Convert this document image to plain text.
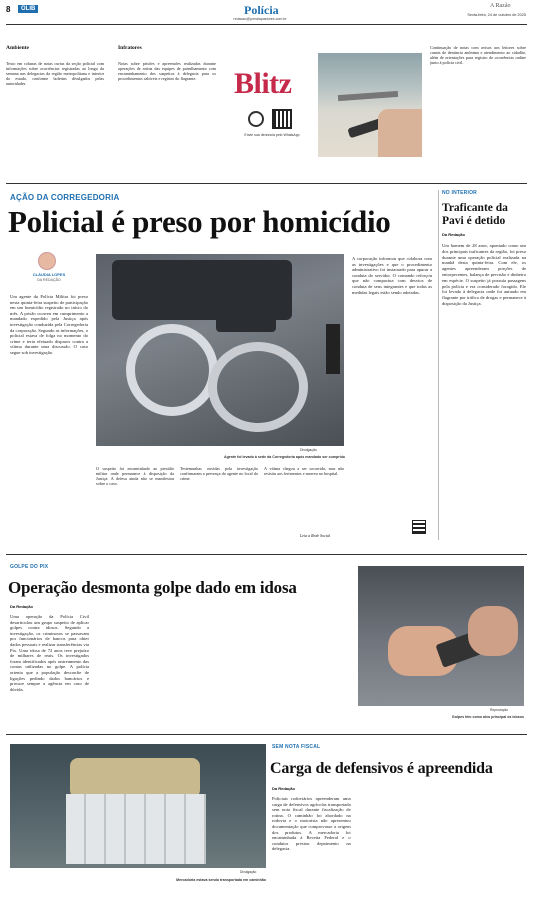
8	OLIB	Polícia
redacao@jornalapastores.com.br
A Razão
Sexta-feira, 24 de outubro de 2025
Ambiente
Texto em colunas de notas curtas da seção policial com informações sobre ocorrências registradas ao longo da semana nas delegacias da região metropolitana e interior do estado, conforme boletins divulgados pelas autoridades.
Infratores
Notas sobre prisões e apreensões realizadas durante operações de rotina das equipes de patrulhamento com encaminhamento dos suspeitos à delegacia para os procedimentos cabíveis e registro do flagrante.	Blitz
Envie sua denúncia pelo WhatsApp
Continuação de notas com avisos aos leitores sobre canais de denúncia anônima e atendimento ao cidadão, além de orientações para registro de ocorrências online junto à polícia civil.
AÇÃO DA CORREGEDORIA
Policial é preso por homicídio
CLÁUDIA LOPES
DA REDAÇÃO
Um agente da Polícia Militar foi preso nesta quinta-feira suspeito de participação em um homicídio registrado no início do mês. A prisão ocorreu em cumprimento a mandado expedido pela Justiça após investigação conduzida pela Corregedoria da corporação. Segundo as informações, o policial estava de folga no momento do crime e teria efetuado disparos contra a vítima durante uma discussão. O caso segue sob investigação.
Divulgação
Agente foi levado à sede da Corregedoria após mandado ser cumprido
O suspeito foi encaminhado ao presídio militar onde permanece à disposição da Justiça. A defesa ainda não se manifestou sobre o caso.
Testemunhas ouvidas pela investigação confirmaram a presença do agente no local do crime.
A vítima chegou a ser socorrida, mas não resistiu aos ferimentos e morreu no hospital.
Leia a Rede Social
A corporação informou que colabora com as investigações e que o procedimento administrativo foi instaurado para apurar a conduta do servidor. O comando reforçou que não compactua com desvios de conduta de seus integrantes e que todas as medidas legais estão sendo adotadas.
NO INTERIOR
Traficante da Pavi é detido
Da Redação
Um homem de 28 anos, apontado como um dos principais traficantes da região, foi preso durante uma operação policial realizada na manhã desta quinta-feira. Com ele, os agentes apreenderam porções de entorpecentes, balança de precisão e dinheiro em espécie. O suspeito já possuía passagens pela polícia e era considerado foragido. Ele foi levado à delegacia onde foi autuado em flagrante por tráfico de drogas e permanece à disposição da Justiça.
GOLPE DO PIX
Operação desmonta golpe dado em idosa
Da Redação
Uma operação da Polícia Civil desarticulou um grupo suspeito de aplicar golpes contra idosos. Segundo a investigação, os criminosos se passavam por funcionários de bancos para obter dados pessoais e realizar transferências via Pix. Uma idosa de 72 anos teve prejuízo de milhares de reais. Os investigados foram identificados após rastreamento das contas utilizadas no golpe. A polícia orienta que a população desconfie de ligações pedindo dados bancários e procure sempre a agência em caso de dúvida.
Reprodução
Golpes têm como alvo principal os idosos
Divulgação
Mercadoria estava sendo transportada em caminhão
SEM NOTA FISCAL
Carga de defensivos é apreendida
Da Redação
Policiais rodoviários apreenderam uma carga de defensivos agrícolas transportada sem nota fiscal durante fiscalização de rotina. O caminhão foi abordado na rodovia e o motorista não apresentou documentação que comprovasse a origem dos produtos. A mercadoria foi encaminhada à Receita Federal e o condutor prestou depoimento na delegacia.
